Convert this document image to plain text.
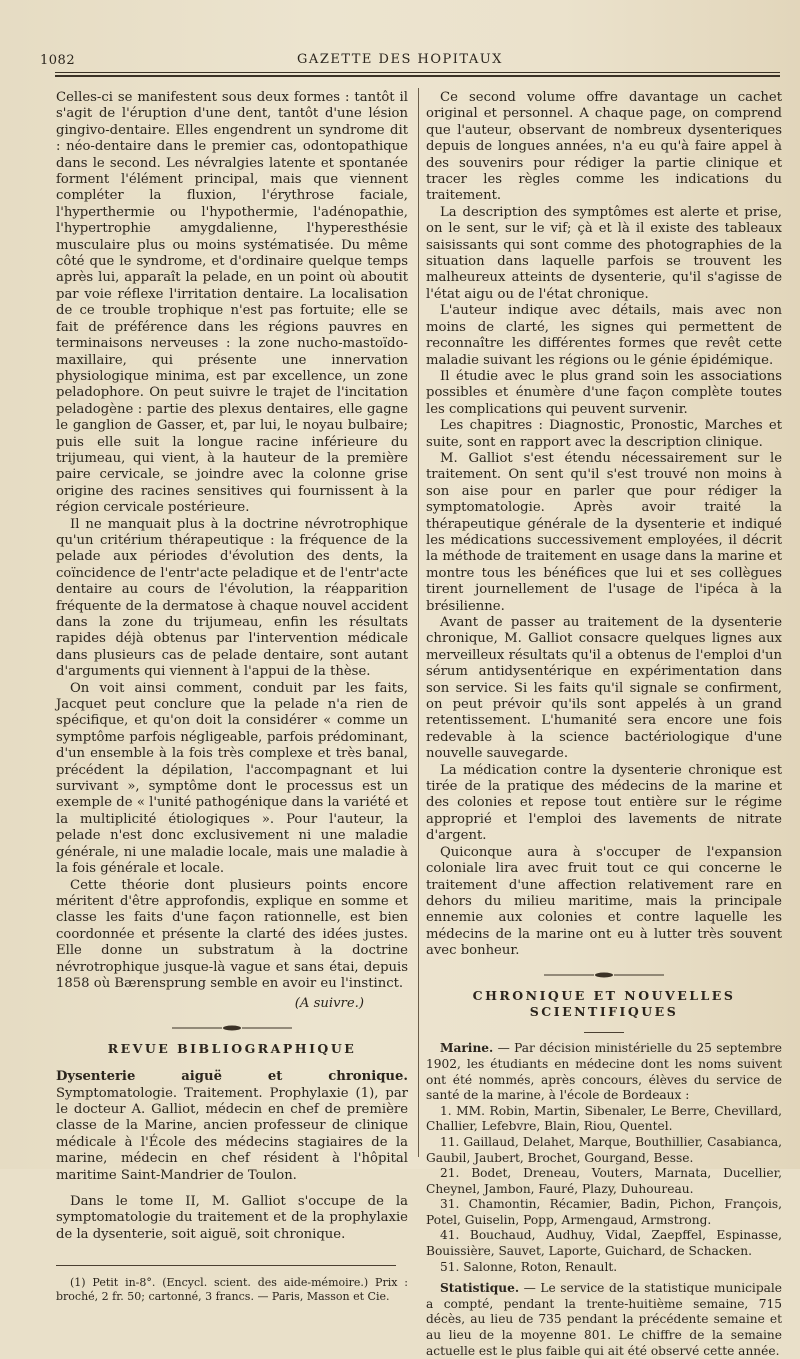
1082	GAZETTE DES HOPITAUX

Celles-ci se manifestent sous deux formes : tantôt il s'agit de l'éruption d'une dent, tantôt d'une lésion gingivo-dentaire. Elles engendrent un syndrome dit : néo-dentaire dans le premier cas, odontopathique dans le second. Les névralgies latente et spontanée forment l'élément principal, mais que viennent compléter la fluxion, l'érythrose faciale, l'hyperthermie ou l'hypothermie, l'adénopathie, l'hypertrophie amygdalienne, l'hyperesthésie musculaire plus ou moins systématisée. Du même côté que le syndrome, et d'ordinaire quelque temps après lui, apparaît la pelade, en un point où aboutit par voie réflexe l'irritation dentaire. La localisation de ce trouble trophique n'est pas fortuite; elle se fait de préférence dans les régions pauvres en terminaisons nerveuses : la zone nucho-mastoïdo-maxillaire, qui présente une innervation physiologique minima, est par excellence, un zone peladophore. On peut suivre le trajet de l'incitation peladogène : partie des plexus dentaires, elle gagne le ganglion de Gasser, et, par lui, le noyau bulbaire; puis elle suit la longue racine inférieure du trijumeau, qui vient, à la hauteur de la première paire cervicale, se joindre avec la colonne grise origine des racines sensitives qui fournissent à la région cervicale postérieure.

Il ne manquait plus à la doctrine névrotrophique qu'un critérium thérapeutique : la fréquence de la pelade aux périodes d'évolution des dents, la coïncidence de l'entr'acte peladique et de l'entr'acte dentaire au cours de l'évolution, la réapparition fréquente de la dermatose à chaque nouvel accident dans la zone du trijumeau, enfin les résultats rapides déjà obtenus par l'intervention médicale dans plusieurs cas de pelade dentaire, sont autant d'arguments qui viennent à l'appui de la thèse.

On voit ainsi comment, conduit par les faits, Jacquet peut conclure que la pelade n'a rien de spécifique, et qu'on doit la considérer « comme un symptôme parfois négligeable, parfois prédominant, d'un ensemble à la fois très complexe et très banal, précédent la dépilation, l'accompagnant et lui survivant », symptôme dont le processus est un exemple de « l'unité pathogénique dans la variété et la multiplicité étiologiques ». Pour l'auteur, la pelade n'est donc exclusivement ni une maladie générale, ni une maladie locale, mais une maladie à la fois générale et locale.

Cette théorie dont plusieurs points encore méritent d'être approfondis, explique en somme et classe les faits d'une façon rationnelle, est bien coordonnée et présente la clarté des idées justes. Elle donne un substratum à la doctrine névrotrophique jusque-là vague et sans étai, depuis 1858 où Bærensprung semble en avoir eu l'instinct.

(A suivre.)

REVUE BIBLIOGRAPHIQUE

Dysenterie aiguë et chronique. Symptomatologie. Traitement. Prophylaxie (1), par le docteur A. Galliot, médecin en chef de première classe de la Marine, ancien professeur de clinique médicale à l'École des médecins stagiaires de la marine, médecin en chef résident à l'hôpital maritime Saint-Mandrier de Toulon.

Dans le tome II, M. Galliot s'occupe de la symptomatologie du traitement et de la prophylaxie de la dysenterie, soit aiguë, soit chronique.

(1) Petit in-8°. (Encycl. scient. des aide-mémoire.) Prix : broché, 2 fr. 50; cartonné, 3 francs. — Paris, Masson et Cie.

Ce second volume offre davantage un cachet original et personnel. A chaque page, on comprend que l'auteur, observant de nombreux dysenteriques depuis de longues années, n'a eu qu'à faire appel à des souvenirs pour rédiger la partie clinique et tracer les règles comme les indications du traitement.

La description des symptômes est alerte et prise, on le sent, sur le vif; çà et là il existe des tableaux saisissants qui sont comme des photographies de la situation dans laquelle parfois se trouvent les malheureux atteints de dysenterie, qu'il s'agisse de l'état aigu ou de l'état chronique.

L'auteur indique avec détails, mais avec non moins de clarté, les signes qui permettent de reconnaître les différentes formes que revêt cette maladie suivant les régions ou le génie épidémique.

Il étudie avec le plus grand soin les associations possibles et énumère d'une façon complète toutes les complications qui peuvent survenir.

Les chapitres : Diagnostic, Pronostic, Marches et suite, sont en rapport avec la description clinique.

M. Galliot s'est étendu nécessairement sur le traitement. On sent qu'il s'est trouvé non moins à son aise pour en parler que pour rédiger la symptomatologie. Après avoir traité la thérapeutique générale de la dysenterie et indiqué les médications successivement employées, il décrit la méthode de traitement en usage dans la marine et montre tous les bénéfices que lui et ses collègues tirent journellement de l'usage de l'ipéca à la brésilienne.

Avant de passer au traitement de la dysenterie chronique, M. Galliot consacre quelques lignes aux merveilleux résultats qu'il a obtenus de l'emploi d'un sérum antidysentérique en expérimentation dans son service. Si les faits qu'il signale se confirment, on peut prévoir qu'ils sont appelés à un grand retentissement. L'humanité sera encore une fois redevable à la science bactériologique d'une nouvelle sauvegarde.

La médication contre la dysenterie chronique est tirée de la pratique des médecins de la marine et des colonies et repose tout entière sur le régime approprié et l'emploi des lavements de nitrate d'argent.

Quiconque aura à s'occuper de l'expansion coloniale lira avec fruit tout ce qui concerne le traitement d'une affection relativement rare en dehors du milieu maritime, mais la principale ennemie aux colonies et contre laquelle les médecins de la marine ont eu à lutter très souvent avec bonheur.

CHRONIQUE ET NOUVELLES SCIENTIFIQUES

Marine. — Par décision ministérielle du 25 septembre 1902, les étudiants en médecine dont les noms suivent ont été nommés, après concours, élèves du service de santé de la marine, à l'école de Bordeaux :

1. MM. Robin, Martin, Sibenaler, Le Berre, Chevillard, Challier, Lefebvre, Blain, Riou, Quentel.

11. Gaillaud, Delahet, Marque, Bouthillier, Casabianca, Gaubil, Jaubert, Brochet, Gourgand, Besse.

21. Bodet, Dreneau, Vouters, Marnata, Ducellier, Cheynel, Jambon, Fauré, Plazy, Duhoureau.

31. Chamontin, Récamier, Badin, Pichon, François, Potel, Guiselin, Popp, Armengaud, Armstrong.

41. Bouchaud, Audhuy, Vidal, Zaepffel, Espinasse, Bouissière, Sauvet, Laporte, Guichard, de Schacken.

51. Salonne, Roton, Renault.

Statistique. — Le service de la statistique municipale a compté, pendant la trente-huitième semaine, 715 décès, au lieu de 735 pendant la précédente semaine et au lieu de la moyenne 801. Le chiffre de la semaine actuelle est le plus faible qui ait été observé cette année.
